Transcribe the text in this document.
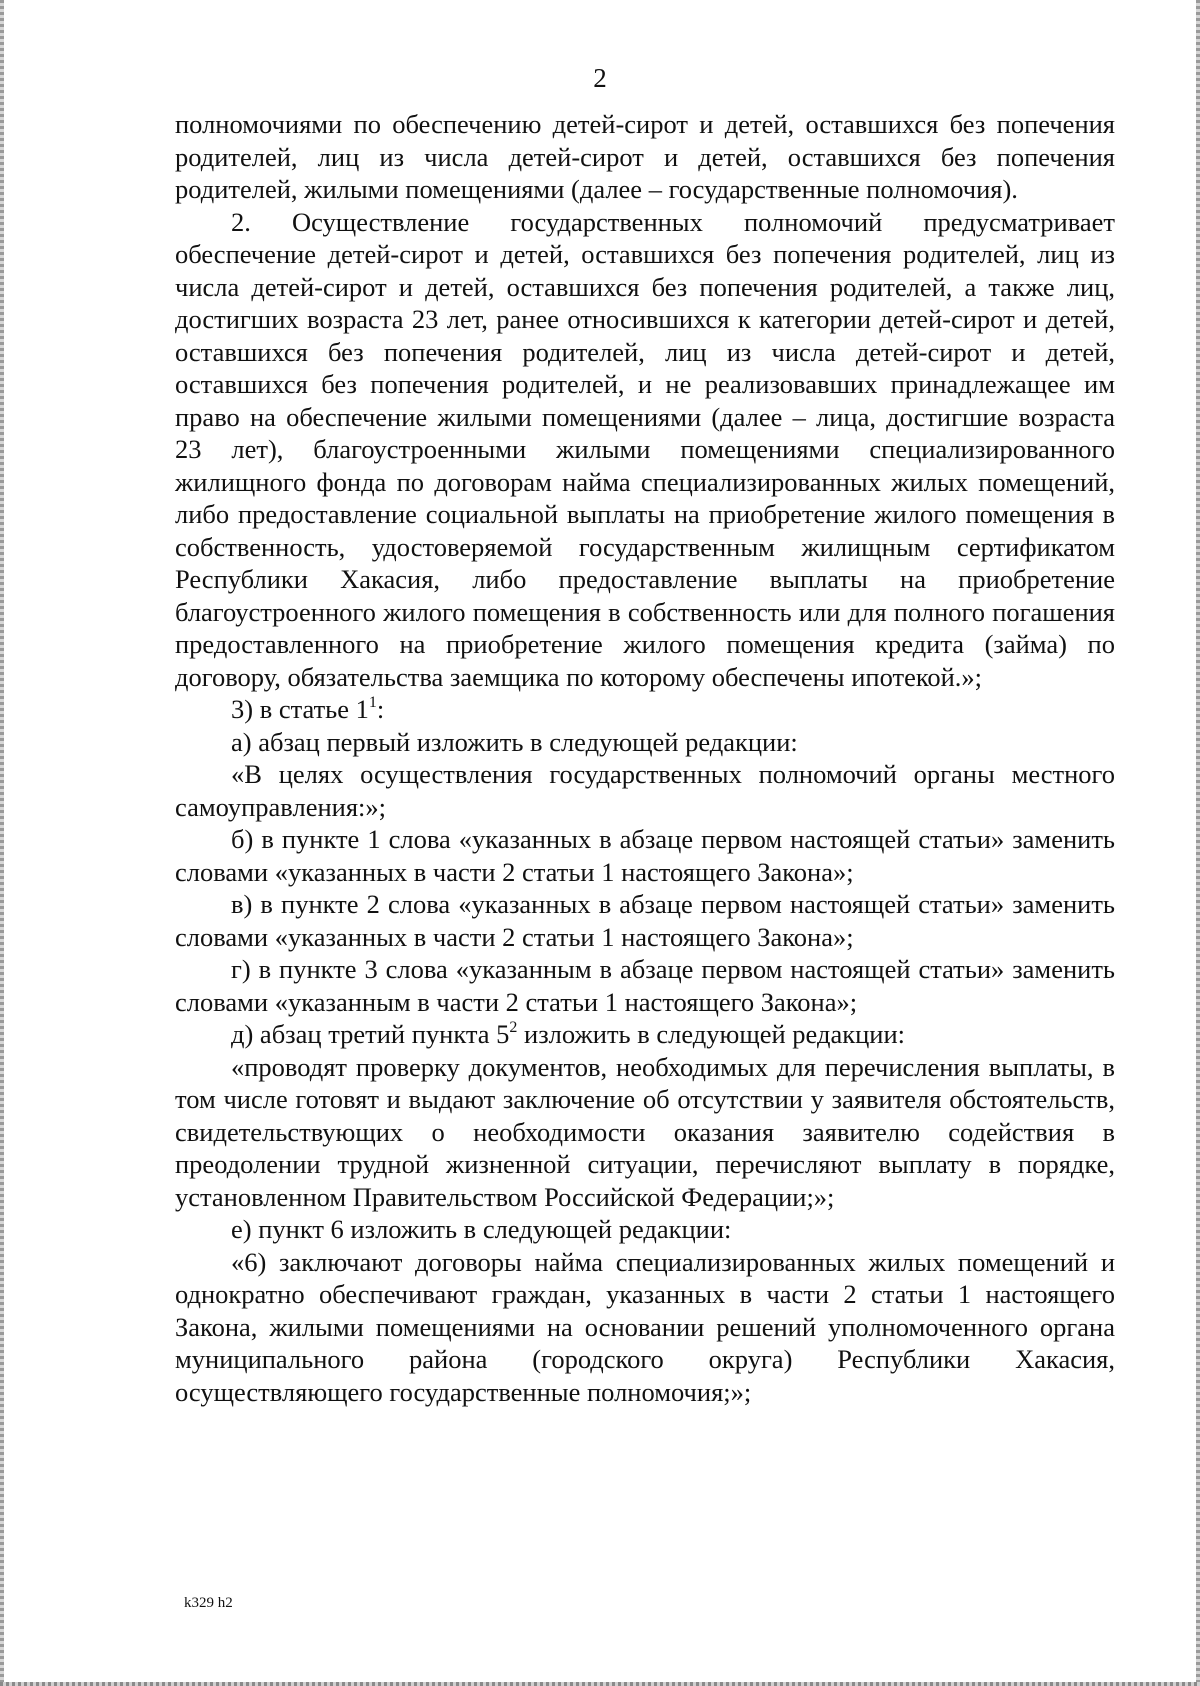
2

полномочиями по обеспечению детей-сирот и детей, оставшихся без попечения родителей, лиц из числа детей-сирот и детей, оставшихся без попечения родителей, жилыми помещениями (далее – государственные полномочия).

2. Осуществление государственных полномочий предусматривает обеспечение детей-сирот и детей, оставшихся без попечения родителей, лиц из числа детей-сирот и детей, оставшихся без попечения родителей, а также лиц, достигших возраста 23 лет, ранее относившихся к категории детей-сирот и детей, оставшихся без попечения родителей, лиц из числа детей-сирот и детей, оставшихся без попечения родителей, и не реализовавших принадлежащее им право на обеспечение жилыми помещениями (далее – лица, достигшие возраста 23 лет), благоустроенными жилыми помещениями специализированного жилищного фонда по договорам найма специализированных жилых помещений, либо предоставление социальной выплаты на приобретение жилого помещения в собственность, удостоверяемой государственным жилищным сертификатом Республики Хакасия, либо предоставление выплаты на приобретение благоустроенного жилого помещения в собственность или для полного погашения предоставленного на приобретение жилого помещения кредита (займа) по договору, обязательства заемщика по которому обеспечены ипотекой.»;

3) в статье $1^1$:

а) абзац первый изложить в следующей редакции:

«В целях осуществления государственных полномочий органы местного самоуправления:»;

б) в пункте 1 слова «указанных в абзаце первом настоящей статьи» заменить словами «указанных в части 2 статьи 1 настоящего Закона»;

в) в пункте 2 слова «указанных в абзаце первом настоящей статьи» заменить словами «указанных в части 2 статьи 1 настоящего Закона»;

г) в пункте 3 слова «указанным в абзаце первом настоящей статьи» заменить словами «указанным в части 2 статьи 1 настоящего Закона»;

д) абзац третий пункта $5^2$ изложить в следующей редакции:

«проводят проверку документов, необходимых для перечисления выплаты, в том числе готовят и выдают заключение об отсутствии у заявителя обстоятельств, свидетельствующих о необходимости оказания заявителю содействия в преодолении трудной жизненной ситуации, перечисляют выплату в порядке, установленном Правительством Российской Федерации;»;

е) пункт 6 изложить в следующей редакции:

«6) заключают договоры найма специализированных жилых помещений и однократно обеспечивают граждан, указанных в части 2 статьи 1 настоящего Закона, жилыми помещениями на основании решений уполномоченного органа муниципального района (городского округа) Республики Хакасия, осуществляющего государственные полномочия;»;

k329 h2
